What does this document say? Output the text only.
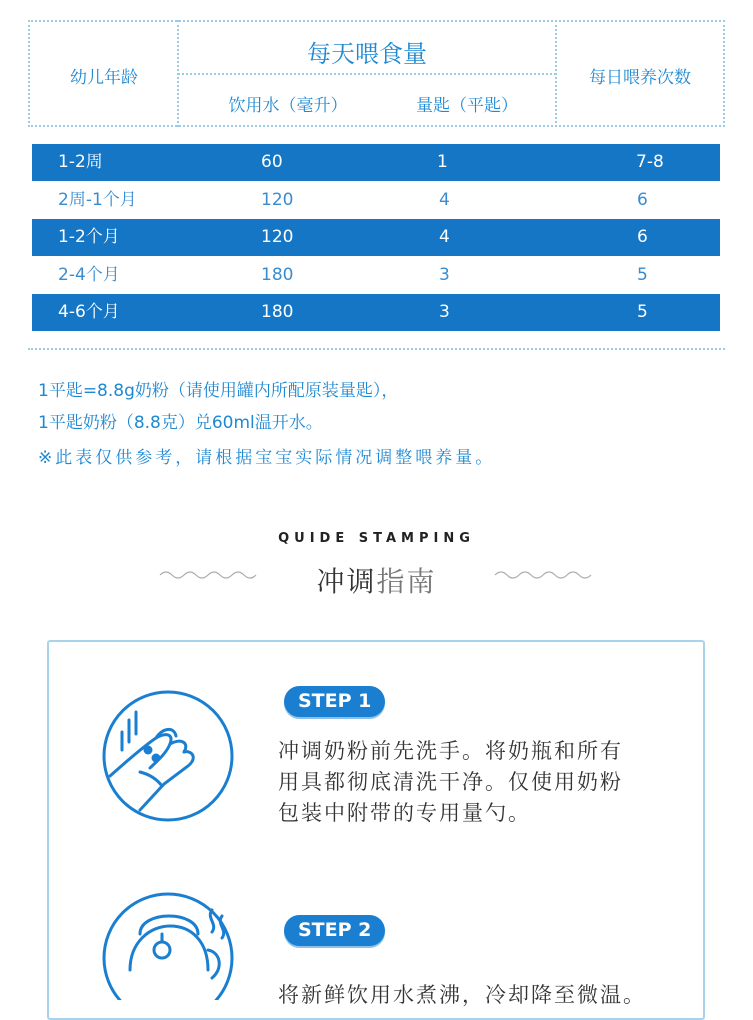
幼儿年龄
每天喂食量
饮用水（毫升）	量匙（平匙）
每日喂养次数
1-2周	60	1	7-8
2周-1个月	120	4	6
1-2个月	120	4	6
2-4个月	180	3	5
4-6个月	180	3	5
1平匙=8.8g奶粉（请使用罐内所配原装量匙），
1平匙奶粉（8.8克）兑60ml温开水。
※此表仅供参考，请根据宝宝实际情况调整喂养量。
QUIDE STAMPING
冲调指南
STEP 1
冲调奶粉前先洗手。将奶瓶和所有
用具都彻底清洗干净。仅使用奶粉
包装中附带的专用量勺。
STEP 2
将新鲜饮用水煮沸，冷却降至微温。
